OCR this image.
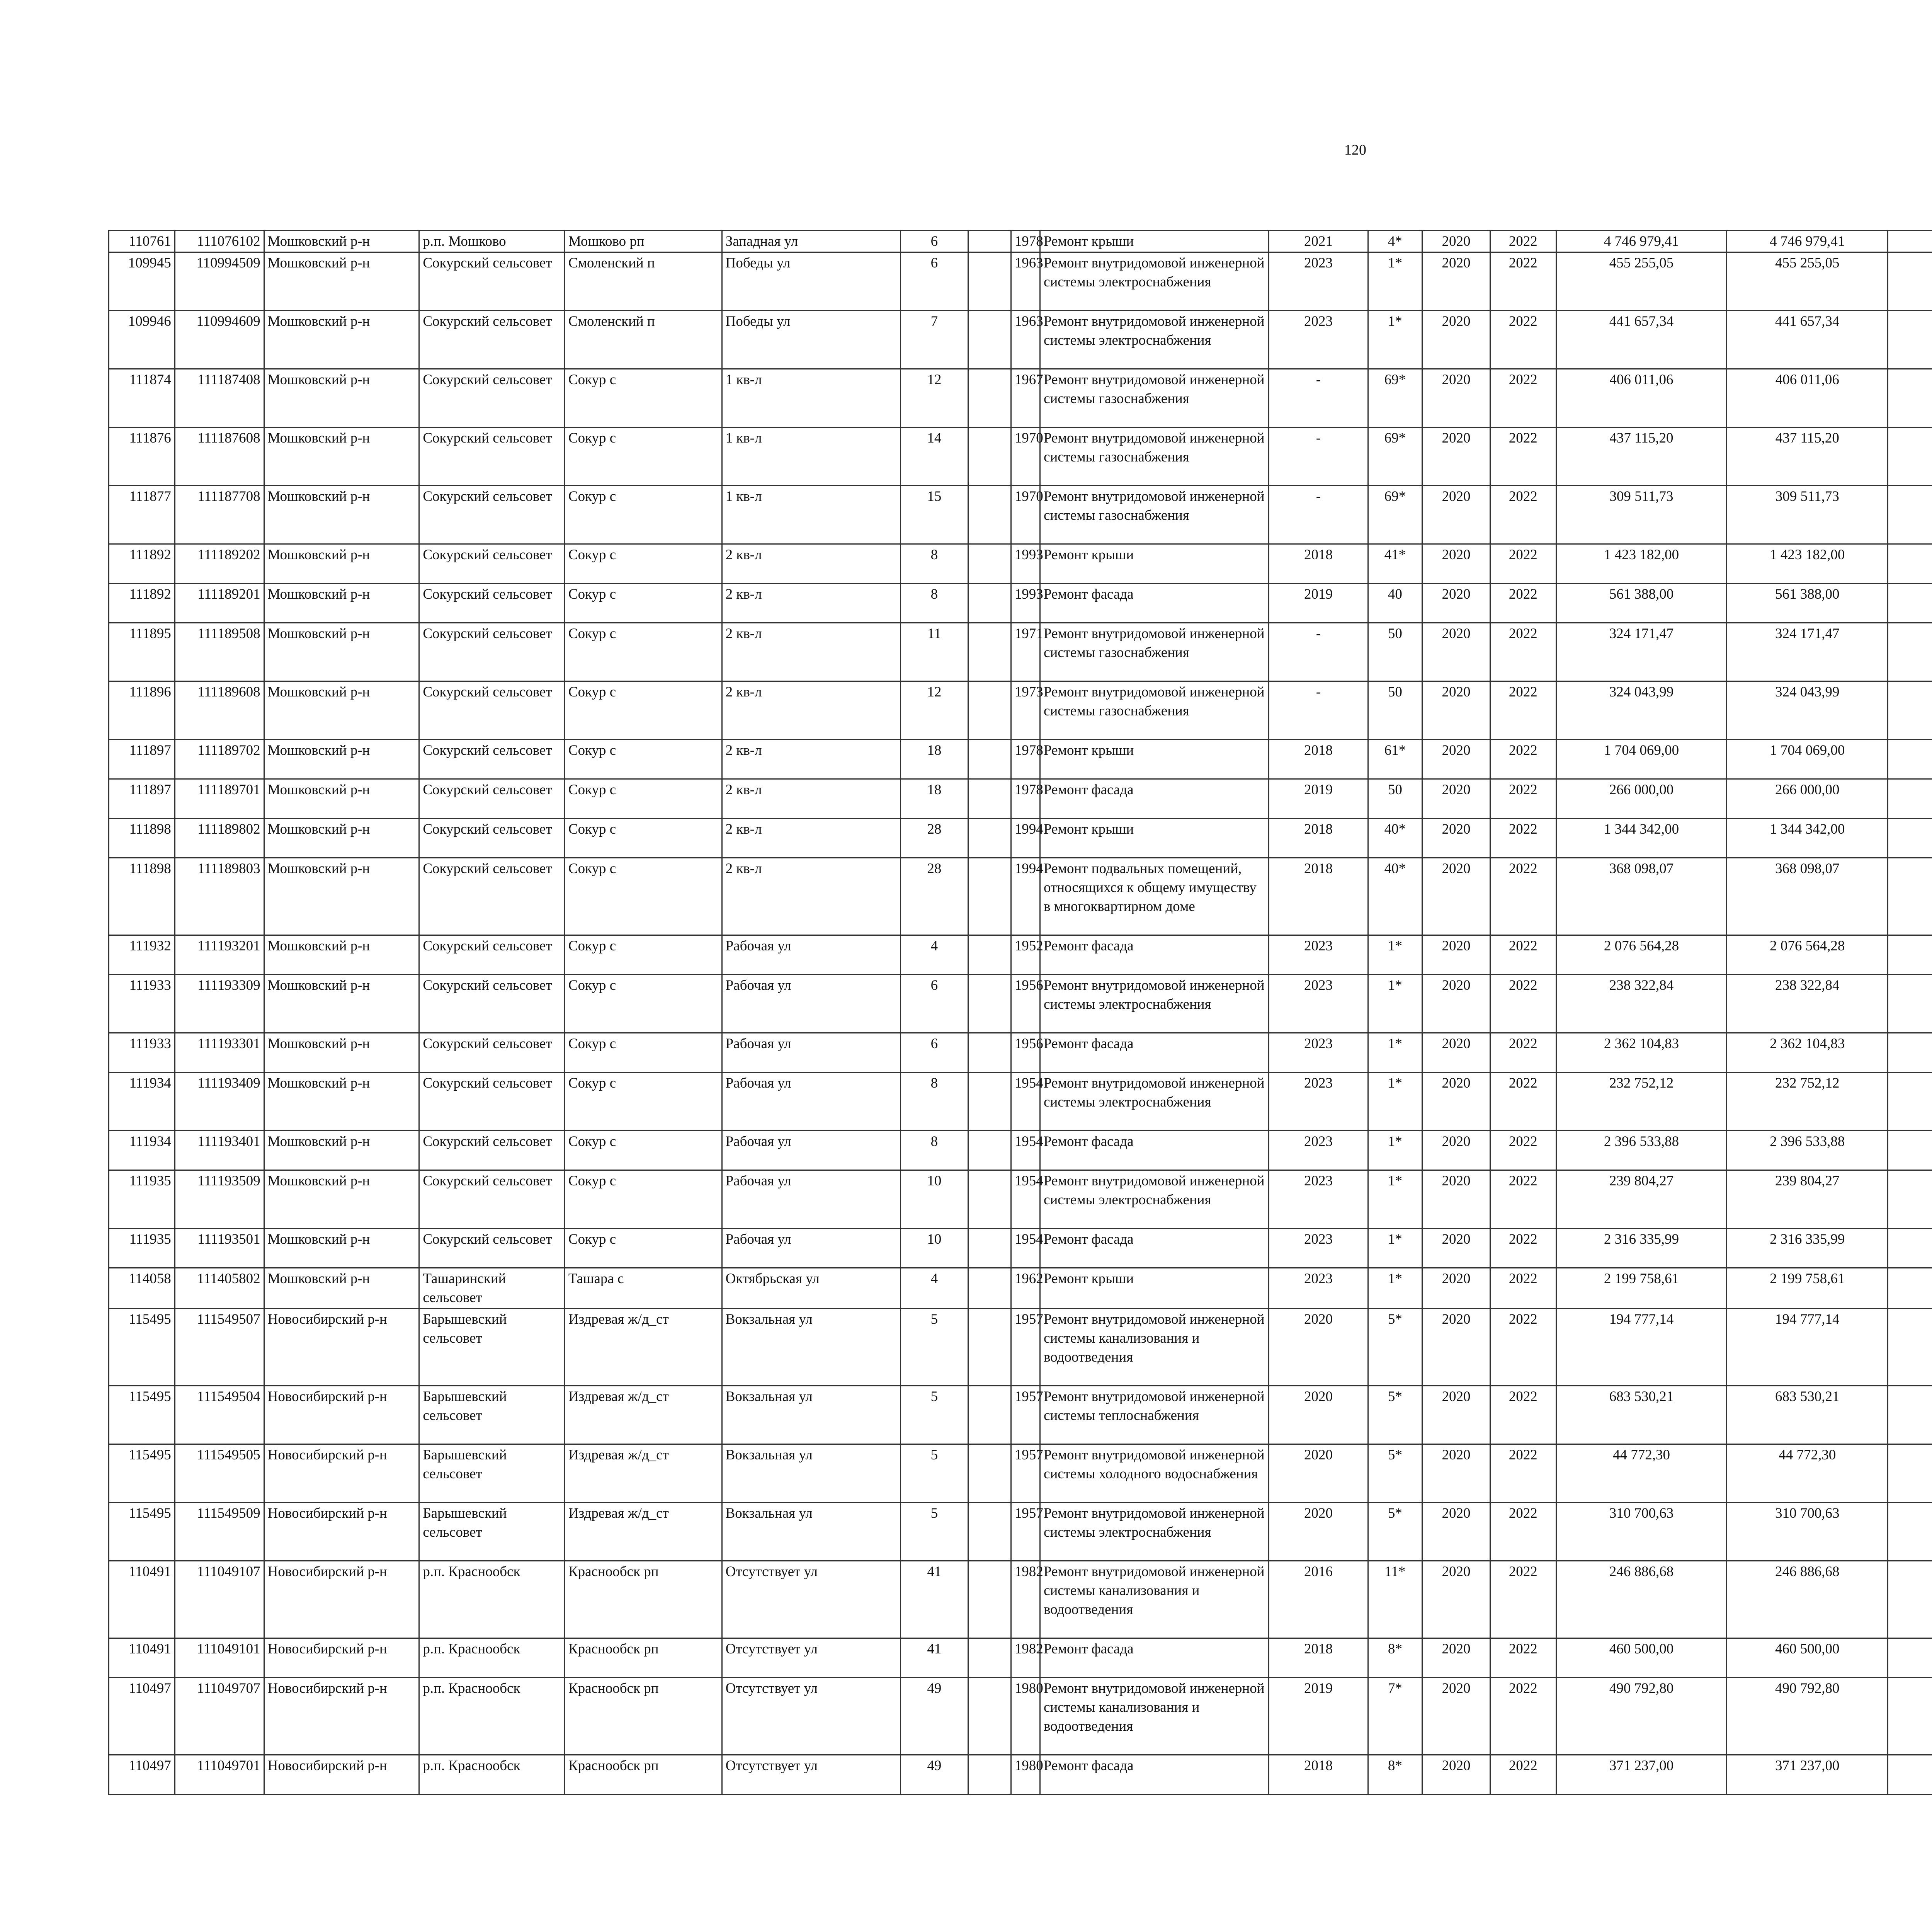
120
110761	111076102	Мошковский р-н	р.п. Мошково	Мошково рп	Западная ул	6		1978	Ремонт крыши	2021	4*	2020	2022	4 746 979,41	4 746 979,41						
109945	110994509	Мошковский р-н	Сокурский сельсовет	Смоленский п	Победы ул	6		1963	Ремонт внутридомовой инженерной системы электроснабжения	2023	1*	2020	2022	455 255,05	455 255,05						
109946	110994609	Мошковский р-н	Сокурский сельсовет	Смоленский п	Победы ул	7		1963	Ремонт внутридомовой инженерной системы электроснабжения	2023	1*	2020	2022	441 657,34	441 657,34						
111874	111187408	Мошковский р-н	Сокурский сельсовет	Сокур с	1 кв-л	12		1967	Ремонт внутридомовой инженерной системы газоснабжения	-	69*	2020	2022	406 011,06	406 011,06						
111876	111187608	Мошковский р-н	Сокурский сельсовет	Сокур с	1 кв-л	14		1970	Ремонт внутридомовой инженерной системы газоснабжения	-	69*	2020	2022	437 115,20	437 115,20						
111877	111187708	Мошковский р-н	Сокурский сельсовет	Сокур с	1 кв-л	15		1970	Ремонт внутридомовой инженерной системы газоснабжения	-	69*	2020	2022	309 511,73	309 511,73						
111892	111189202	Мошковский р-н	Сокурский сельсовет	Сокур с	2 кв-л	8		1993	Ремонт крыши	2018	41*	2020	2022	1 423 182,00	1 423 182,00						
111892	111189201	Мошковский р-н	Сокурский сельсовет	Сокур с	2 кв-л	8		1993	Ремонт фасада	2019	40	2020	2022	561 388,00	561 388,00						
111895	111189508	Мошковский р-н	Сокурский сельсовет	Сокур с	2 кв-л	11		1971	Ремонт внутридомовой инженерной системы газоснабжения	-	50	2020	2022	324 171,47	324 171,47						
111896	111189608	Мошковский р-н	Сокурский сельсовет	Сокур с	2 кв-л	12		1973	Ремонт внутридомовой инженерной системы газоснабжения	-	50	2020	2022	324 043,99	324 043,99						
111897	111189702	Мошковский р-н	Сокурский сельсовет	Сокур с	2 кв-л	18		1978	Ремонт крыши	2018	61*	2020	2022	1 704 069,00	1 704 069,00						
111897	111189701	Мошковский р-н	Сокурский сельсовет	Сокур с	2 кв-л	18		1978	Ремонт фасада	2019	50	2020	2022	266 000,00	266 000,00						
111898	111189802	Мошковский р-н	Сокурский сельсовет	Сокур с	2 кв-л	28		1994	Ремонт крыши	2018	40*	2020	2022	1 344 342,00	1 344 342,00						
111898	111189803	Мошковский р-н	Сокурский сельсовет	Сокур с	2 кв-л	28		1994	Ремонт подвальных помещений, относящихся к общему имуществу в многоквартирном доме	2018	40*	2020	2022	368 098,07	368 098,07						
111932	111193201	Мошковский р-н	Сокурский сельсовет	Сокур с	Рабочая ул	4		1952	Ремонт фасада	2023	1*	2020	2022	2 076 564,28	2 076 564,28						
111933	111193309	Мошковский р-н	Сокурский сельсовет	Сокур с	Рабочая ул	6		1956	Ремонт внутридомовой инженерной системы электроснабжения	2023	1*	2020	2022	238 322,84	238 322,84						
111933	111193301	Мошковский р-н	Сокурский сельсовет	Сокур с	Рабочая ул	6		1956	Ремонт фасада	2023	1*	2020	2022	2 362 104,83	2 362 104,83						
111934	111193409	Мошковский р-н	Сокурский сельсовет	Сокур с	Рабочая ул	8		1954	Ремонт внутридомовой инженерной системы электроснабжения	2023	1*	2020	2022	232 752,12	232 752,12						
111934	111193401	Мошковский р-н	Сокурский сельсовет	Сокур с	Рабочая ул	8		1954	Ремонт фасада	2023	1*	2020	2022	2 396 533,88	2 396 533,88						
111935	111193509	Мошковский р-н	Сокурский сельсовет	Сокур с	Рабочая ул	10		1954	Ремонт внутридомовой инженерной системы электроснабжения	2023	1*	2020	2022	239 804,27	239 804,27						
111935	111193501	Мошковский р-н	Сокурский сельсовет	Сокур с	Рабочая ул	10		1954	Ремонт фасада	2023	1*	2020	2022	2 316 335,99	2 316 335,99						
114058	111405802	Мошковский р-н	Ташаринский сельсовет	Ташара с	Октябрьская ул	4		1962	Ремонт крыши	2023	1*	2020	2022	2 199 758,61	2 199 758,61						
115495	111549507	Новосибирский р-н	Барышевский сельсовет	Издревая ж/д_ст	Вокзальная ул	5		1957	Ремонт внутридомовой инженерной системы канализования и водоотведения	2020	5*	2020	2022	194 777,14	194 777,14						
115495	111549504	Новосибирский р-н	Барышевский сельсовет	Издревая ж/д_ст	Вокзальная ул	5		1957	Ремонт внутридомовой инженерной системы теплоснабжения	2020	5*	2020	2022	683 530,21	683 530,21						
115495	111549505	Новосибирский р-н	Барышевский сельсовет	Издревая ж/д_ст	Вокзальная ул	5		1957	Ремонт внутридомовой инженерной системы холодного водоснабжения	2020	5*	2020	2022	44 772,30	44 772,30						
115495	111549509	Новосибирский р-н	Барышевский сельсовет	Издревая ж/д_ст	Вокзальная ул	5		1957	Ремонт внутридомовой инженерной системы электроснабжения	2020	5*	2020	2022	310 700,63	310 700,63						
110491	111049107	Новосибирский р-н	р.п. Краснообск	Краснообск рп	Отсутствует ул	41		1982	Ремонт внутридомовой инженерной системы канализования и водоотведения	2016	11*	2020	2022	246 886,68	246 886,68						
110491	111049101	Новосибирский р-н	р.п. Краснообск	Краснообск рп	Отсутствует ул	41		1982	Ремонт фасада	2018	8*	2020	2022	460 500,00	460 500,00						
110497	111049707	Новосибирский р-н	р.п. Краснообск	Краснообск рп	Отсутствует ул	49		1980	Ремонт внутридомовой инженерной системы канализования и водоотведения	2019	7*	2020	2022	490 792,80	490 792,80						
110497	111049701	Новосибирский р-н	р.п. Краснообск	Краснообск рп	Отсутствует ул	49		1980	Ремонт фасада	2018	8*	2020	2022	371 237,00	371 237,00						
